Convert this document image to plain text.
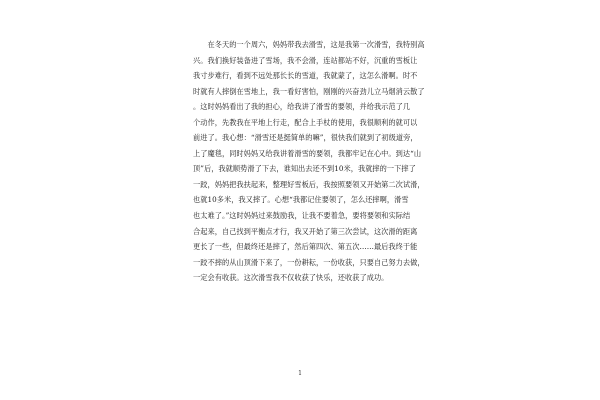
　　在冬天的一个周六，妈妈带我去滑雪，这是我第一次滑雪，我特别高
兴。我们换好装备进了雪场，我不会滑，连站都站不好，沉重的雪板让
我寸步难行，看到不远处那长长的雪道，我就蒙了，这怎么滑啊。时不
时就有人摔倒在雪地上，我一看好害怕，刚刚的兴奋劲儿立马烟消云散了
。这时妈妈看出了我的担心，给我讲了滑雪的要领，并给我示范了几
个动作，先教我在平地上行走，配合上手杖的使用，我很顺利的就可以
前进了。我心想：“滑雪还是挺简单的嘛”，很快我们就到了初级道旁，
上了魔毯，同时妈妈又给我讲着滑雪的要领，我都牢记在心中。到达“山
顶”后，我就顺势滑了下去，谁知出去还不到10米，我就摔的一下摔了
一跤，妈妈把我扶起来，整理好雪板后，我按照要领又开始第二次试滑，
也就10多米，我又摔了。心想“我都记住要领了，怎么还摔啊，滑雪
也太难了。”这时妈妈过来鼓励我，让我不要着急，要将要领和实际结
合起来，自己找到平衡点才行，我又开始了第三次尝试，这次滑的距离
更长了一些，但最终还是摔了，然后第四次、第五次……最后我终于能
一跤不摔的从山顶滑下来了，一份耕耘，一份收获，只要自己努力去做，
一定会有收获。这次滑雪我不仅收获了快乐，还收获了成功。
1
